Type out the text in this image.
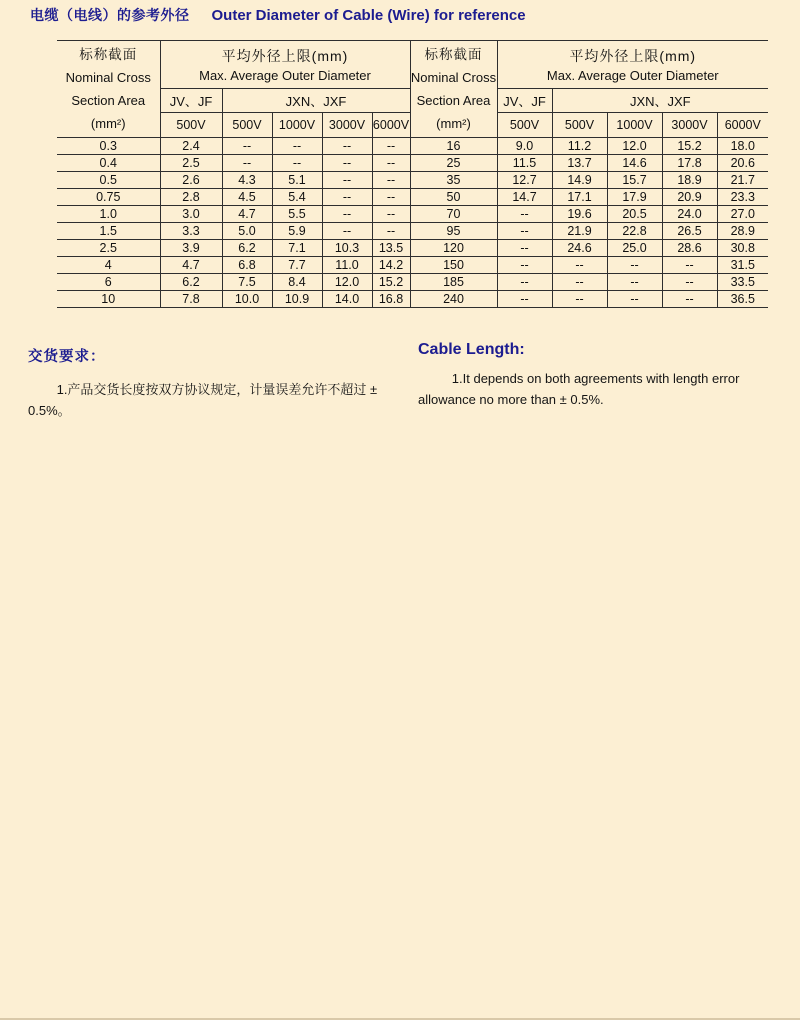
电缆（电线）的参考外径 Outer Diameter of Cable (Wire) for reference
标称截面
Nominal Cross
Section Area
(mm²)

平均外径上限(mm)
Max. Average Outer Diameter

标称截面
Nominal Cross
Section Area
(mm²)

平均外径上限(mm)
Max. Average Outer Diameter

	JV、JF	JXN、JXF					JV、JF	JXN、JXF			
	500V	500V	1000V	3000V	6000V		500V	500V	1000V	3000V	6000V
0.3	2.4	--	--	--	--	16	9.0	11.2	12.0	15.2	18.0
0.4	2.5	--	--	--	--	25	11.5	13.7	14.6	17.8	20.6
0.5	2.6	4.3	5.1	--	--	35	12.7	14.9	15.7	18.9	21.7
0.75	2.8	4.5	5.4	--	--	50	14.7	17.1	17.9	20.9	23.3
1.0	3.0	4.7	5.5	--	--	70	--	19.6	20.5	24.0	27.0
1.5	3.3	5.0	5.9	--	--	95	--	21.9	22.8	26.5	28.9
2.5	3.9	6.2	7.1	10.3	13.5	120	--	24.6	25.0	28.6	30.8
4	4.7	6.8	7.7	11.0	14.2	150	--	--	--	--	31.5
6	6.2	7.5	8.4	12.0	15.2	185	--	--	--	--	33.5
10	7.8	10.0	10.9	14.0	16.8	240	--	--	--	--	36.5
交货要求：
1.产品交货长度按双方协议规定，计量误差允许不超过 ± 0.5%。
Cable Length:
1.It depends on both agreements with length error allowance no more than ± 0.5%.
